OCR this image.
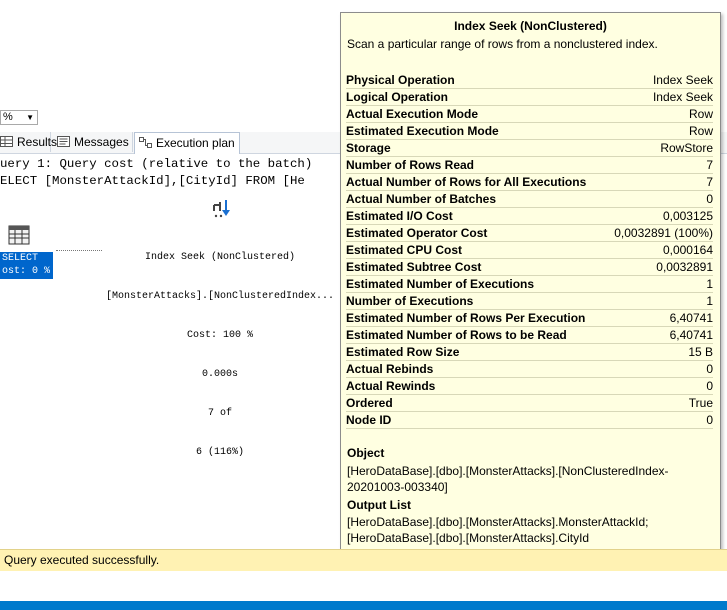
% ▼
Results	Messages	Execution plan
uery 1: Query cost (relative to the batch)
ELECT [MonsterAttackId],[CityId] FROM [He
SELECT
ost: 0 %

Index Seek (NonClustered)

[MonsterAttacks].[NonClusteredIndex...

Cost: 100 %

0.000s

7 of

6 (116%)

Index Seek (NonClustered)
Scan a particular range of rows from a nonclustered index.
Physical Operation	Index Seek
Logical Operation	Index Seek
Actual Execution Mode	Row
Estimated Execution Mode	Row
Storage	RowStore
Number of Rows Read	7
Actual Number of Rows for All Executions	7
Actual Number of Batches	0
Estimated I/O Cost	0,003125
Estimated Operator Cost	0,0032891 (100%)
Estimated CPU Cost	0,000164
Estimated Subtree Cost	0,0032891
Estimated Number of Executions	1
Number of Executions	1
Estimated Number of Rows Per Execution	6,40741
Estimated Number of Rows to be Read	6,40741
Estimated Row Size	15 B
Actual Rebinds	0
Actual Rewinds	0
Ordered	True
Node ID	0
Object
[HeroDataBase].[dbo].[MonsterAttacks].[NonClusteredIndex-
20201003-003340]
Output List
[HeroDataBase].[dbo].[MonsterAttacks].MonsterAttackId;
[HeroDataBase].[dbo].[MonsterAttacks].CityId
Query executed successfully.
